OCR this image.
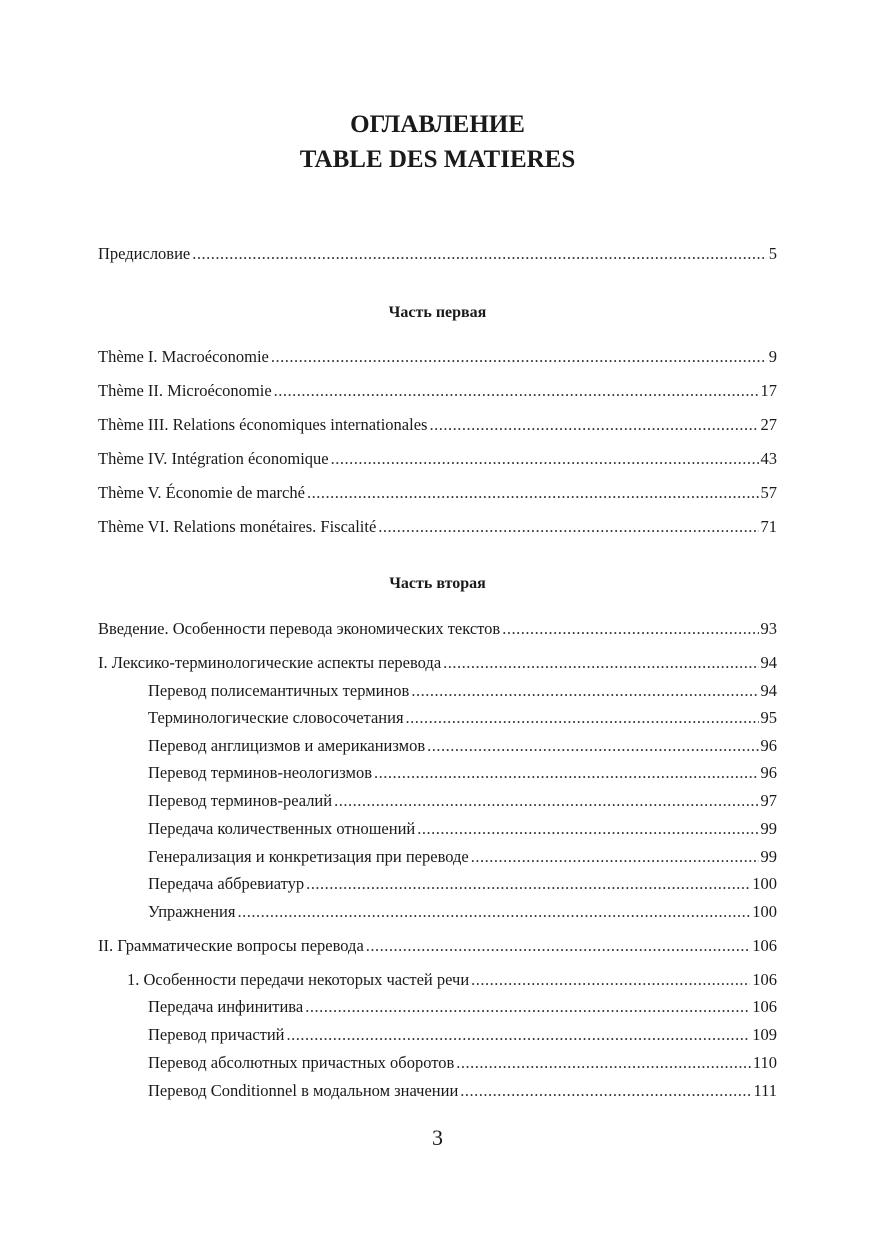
ОГЛАВЛЕНИЕ
TABLE DES MATIERES
Предисловие .....	5
Часть первая
Thème I. Macroéconomie .....	9
Thème II. Microéconomie .....	17
Thème III. Relations économiques internationales .....	27
Thème IV. Intégration économique .....	43
Thème V. Économie de marché .....	57
Thème VI. Relations monétaires. Fiscalité .....	71
Часть вторая
Введение. Особенности перевода экономических текстов .....	93
I. Лексико-терминологические аспекты перевода .....	94
Перевод полисемантичных терминов .....	94
Терминологические словосочетания .....	95
Перевод англицизмов и американизмов .....	96
Перевод терминов-неологизмов .....	96
Перевод терминов-реалий .....	97
Передача количественных отношений .....	99
Генерализация и конкретизация при переводе .....	99
Передача аббревиатур .....	100
Упражнения .....	100
II. Грамматические вопросы перевода .....	106
1. Особенности передачи некоторых частей речи .....	106
Передача инфинитива .....	106
Перевод причастий .....	109
Перевод абсолютных причастных оборотов .....	110
Перевод Conditionnel в модальном значении .....	111
3
